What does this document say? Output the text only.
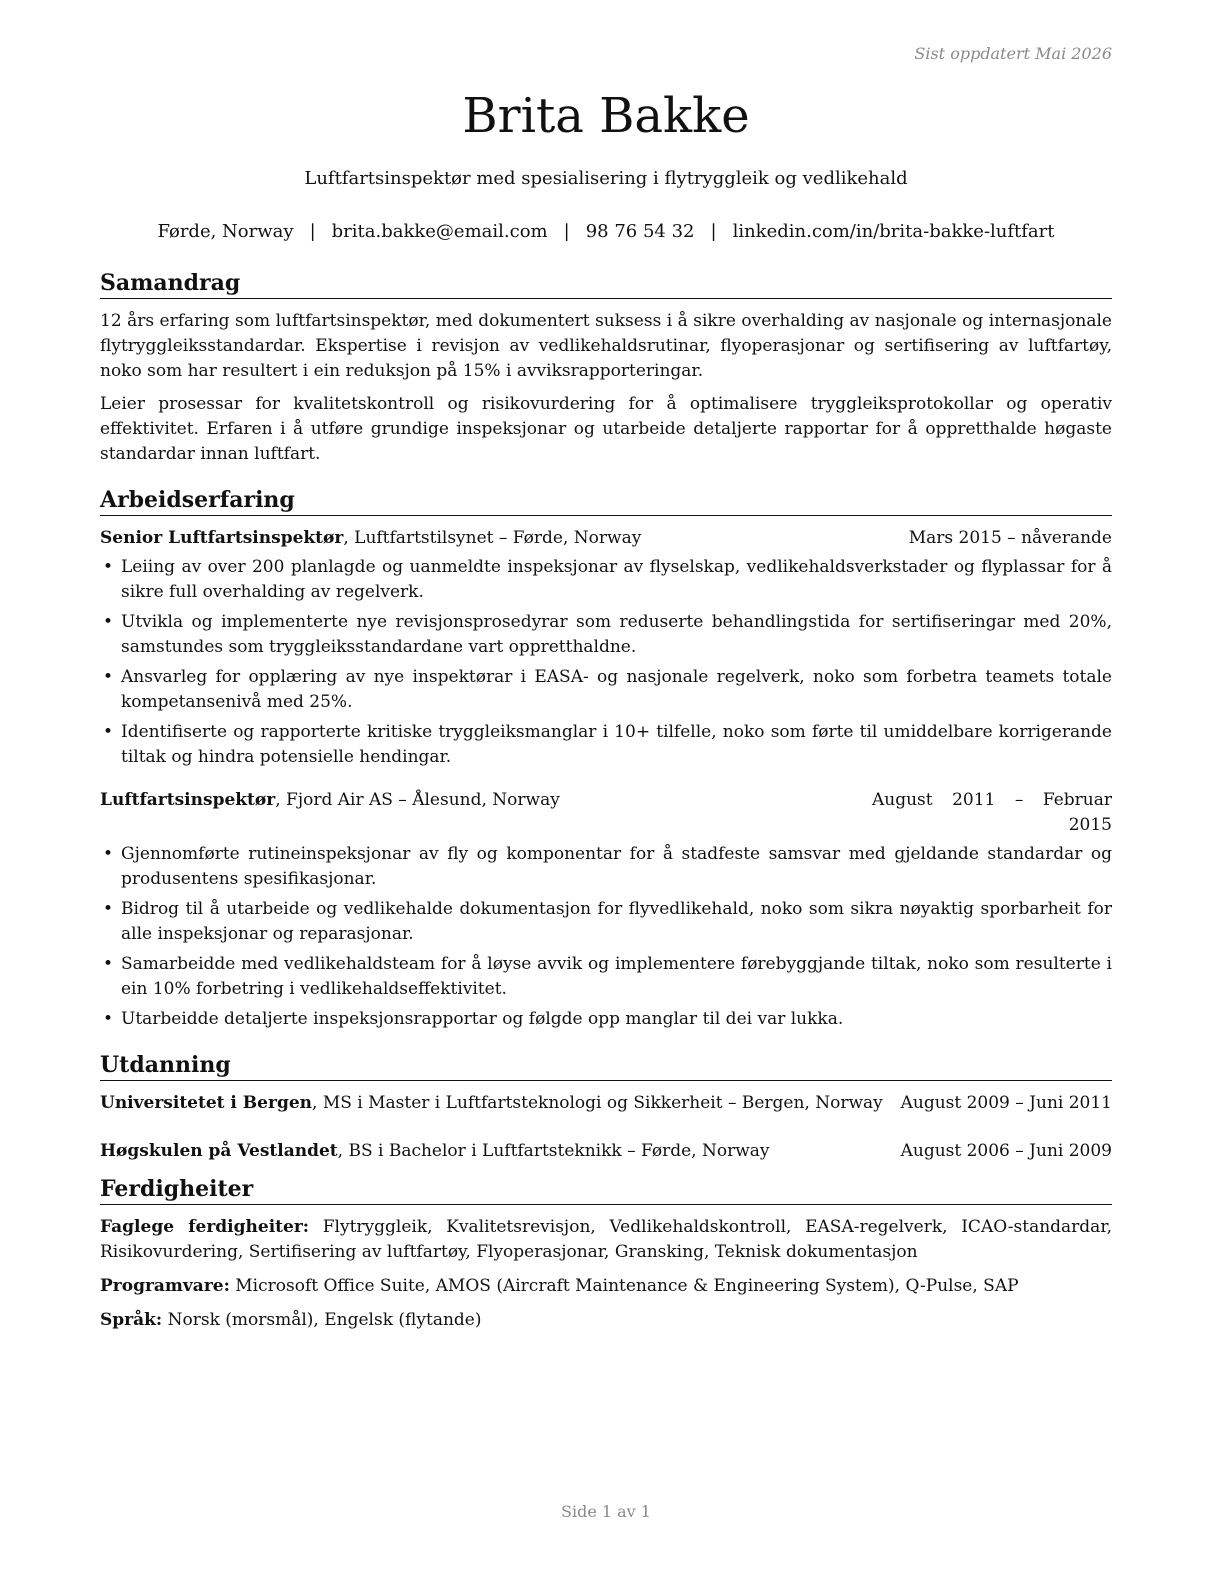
Sist oppdatert Mai 2026
Brita Bakke
Luftfartsinspektør med spesialisering i flytryggleik og vedlikehald
Førde, Norway | brita.bakke@email.com | 98 76 54 32 | linkedin.com/in/brita-bakke-luftfart
Samandrag

12 års erfaring som luftfartsinspektør, med dokumentert suksess i å sikre overhalding av nasjonale og internasjonale flytryggleiksstandardar. Ekspertise i revisjon av vedlikehaldsrutinar, flyoperasjonar og sertifisering av luftfartøy, noko som har resultert i ein reduksjon på 15% i avviksrapporteringar.

Leier prosessar for kvalitetskontroll og risikovurdering for å optimalisere tryggleiksprotokollar og operativ effektivitet. Erfaren i å utføre grundige inspeksjonar og utarbeide detaljerte rapportar for å oppretthalde høgaste standardar innan luftfart.

Arbeidserfaring
Senior Luftfartsinspektør, Luftfartstilsynet – Førde, Norway	Mars 2015 – nåverande
• Leiing av over 200 planlagde og uanmeldte inspeksjonar av flyselskap, vedlikehaldsverkstader og flyplassar for å sikre full overhalding av regelverk.
• Utvikla og implementerte nye revisjonsprosedyrar som reduserte behandlingstida for sertifiseringar med 20%, samstundes som tryggleiksstandardane vart oppretthaldne.
• Ansvarleg for opplæring av nye inspektørar i EASA- og nasjonale regelverk, noko som forbetra teamets totale kompetansenivå med 25%.
• Identifiserte og rapporterte kritiske tryggleiksmanglar i 10+ tilfelle, noko som førte til umiddelbare korrigerande tiltak og hindra potensielle hendingar.
Luftfartsinspektør, Fjord Air AS – Ålesund, Norway	August 2011 – Februar 2015
• Gjennomførte rutineinspeksjonar av fly og komponentar for å stadfeste samsvar med gjeldande standardar og produsentens spesifikasjonar.
• Bidrog til å utarbeide og vedlikehalde dokumentasjon for flyvedlikehald, noko som sikra nøyaktig sporbarheit for alle inspeksjonar og reparasjonar.
• Samarbeidde med vedlikehaldsteam for å løyse avvik og implementere førebyggjande tiltak, noko som resulterte i ein 10% forbetring i vedlikehaldseffektivitet.
• Utarbeidde detaljerte inspeksjonsrapportar og følgde opp manglar til dei var lukka.
Utdanning
Universitetet i Bergen, MS i Master i Luftfartsteknologi og Sikkerheit – Bergen, Norway August 2009 – Juni 2011
Høgskulen på Vestlandet, BS i Bachelor i Luftfartsteknikk – Førde, Norway	August 2006 – Juni 2009
Ferdigheiter
Faglege ferdigheiter: Flytryggleik, Kvalitetsrevisjon, Vedlikehaldskontroll, EASA-regelverk, ICAO-standardar, Risikovurdering, Sertifisering av luftfartøy, Flyoperasjonar, Gransking, Teknisk dokumentasjon
Programvare: Microsoft Office Suite, AMOS (Aircraft Maintenance & Engineering System), Q-Pulse, SAP
Språk: Norsk (morsmål), Engelsk (flytande)
Side 1 av 1
